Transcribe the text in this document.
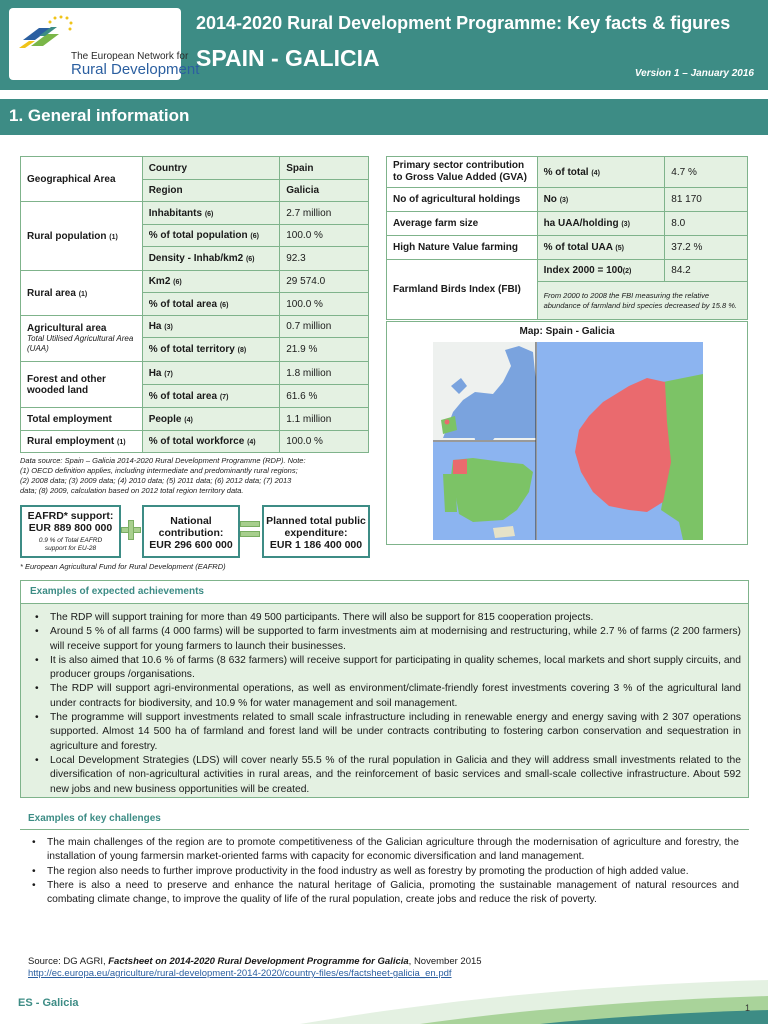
The European Network for
Rural Development
2014-2020 Rural Development Programme: Key facts & figures
SPAIN - GALICIA
Version 1 – January 2016
1. General information
Geographical Area	Country	Spain
	Region	Galicia
Rural population (1)	Inhabitants (6)	2.7 million
	% of total population (6)	100.0 %
	Density - Inhab/km2 (6)	92.3
Rural area (1)	Km2 (6)	29 574.0
	% of total area (6)	100.0 %
Agricultural area
Total Utilised Agricultural Area (UAA)	Ha (3)	0.7 million
	% of total territory (8)	21.9 %
Forest and other wooded land	Ha (7)	1.8 million
	% of total area (7)	61.6 %
Total employment	People (4)	1.1 million
Rural employment (1)	% of total workforce (4)	100.0 %
Data source: Spain – Galicia 2014-2020 Rural Development Programme (RDP). Note:
(1) OECD definition applies, including intermediate and predominantly rural regions;
(2) 2008 data; (3) 2009 data; (4) 2010 data; (5) 2011 data; (6) 2012 data; (7) 2013
data; (8) 2009, calculation based on 2012 total region territory data.
EAFRD* support:
EUR 889 800 000
0.9 % of Total EAFRD
support for EU-28
National
contribution:
EUR 296 600 000
Planned total public
expenditure:
EUR 1 186 400 000
* European Agricultural Fund for Rural Development (EAFRD)
Primary sector contribution to Gross Value Added (GVA)	% of total (4)	4.7 %
No of agricultural holdings	No (3)	81 170
Average farm size	ha UAA/holding (3)	8.0
High Nature Value farming	% of total UAA (5)	37.2 %
Farmland Birds Index (FBI)	Index 2000 = 100(2)	84.2
	From 2000 to 2008 the FBI measuring the relative abundance of farmland bird species decreased by 15.8 %.	
Map: Spain - Galicia
Examples of expected achievements
• The RDP will support training for more than 49 500 participants. There will also be support for 815 cooperation projects.
• Around 5 % of all farms (4 000 farms) will be supported to farm investments aim at modernising and restructuring, while 2.7 % of farms (2 200 farmers) will receive support for young farmers to launch their businesses.
• It is also aimed that 10.6 % of farms (8 632 farmers) will receive support for participating in quality schemes, local markets and short supply circuits, and producer groups /organisations.
• The RDP will support agri-environmental operations, as well as environment/climate-friendly forest investments covering 3 % of the agricultural land under contracts for biodiversity, and 10.9 % for water management and soil management.
• The programme will support investments related to small scale infrastructure including in renewable energy and energy saving with 2 307 operations supported. Almost 14 500 ha of farmland and forest land will be under contracts contributing to fostering carbon conservation and sequestration in agriculture and forestry.
• Local Development Strategies (LDS) will cover nearly 55.5 % of the rural population in Galicia and they will address small investments related to the diversification of non-agricultural activities in rural areas, and the reinforcement of basic services and small-scale collective infrastructure. About 592 new jobs and new business opportunities will be created.
Examples of key challenges
• The main challenges of the region are to promote competitiveness of the Galician agriculture through the modernisation of agriculture and forestry, the installation of young farmersin market-oriented farms with capacity for economic diversification and land management.
• The region also needs to further improve productivity in the food industry as well as forestry by promoting the production of high added value.
• There is also a need to preserve and enhance the natural heritage of Galicia, promoting the sustainable management of natural resources and combating climate change, to improve the quality of life of the rural population, create jobs and reduce the risk of poverty.
Source: DG AGRI, Factsheet on 2014-2020 Rural Development Programme for Galicia, November 2015
http://ec.europa.eu/agriculture/rural-development-2014-2020/country-files/es/factsheet-galicia_en.pdf
ES - Galicia	1
